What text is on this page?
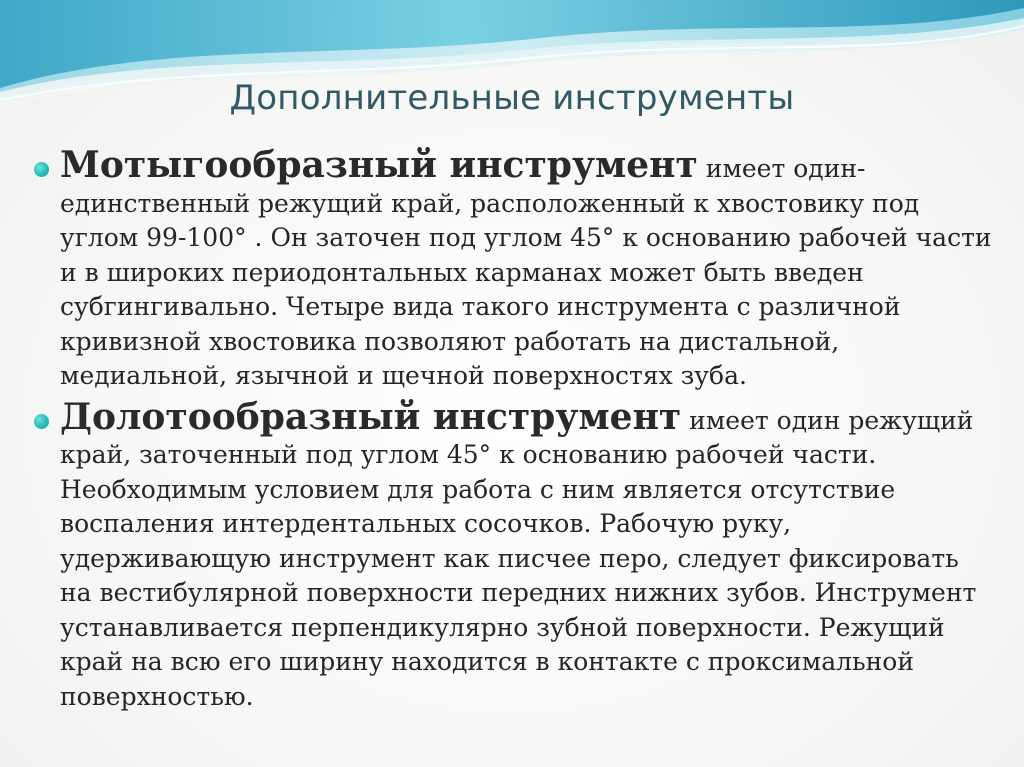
Дополнительные инструменты

Мотыгообразный инструмент имеет один-единственный режущий край, расположенный к хвостовику под углом 99-100° . Он заточен под углом 45° к основанию рабочей части и в широких периодонтальных карманах может быть введен субгингивально. Четыре вида такого инструмента с различной кривизной хвостовика позволяют работать на дистальной, медиальной, язычной и щечной поверхностях зуба.

Долотообразный инструмент имеет один режущий край, заточенный под углом 45° к основанию рабочей части. Необходимым условием для работа с ним является отсутствие воспаления интердентальных сосочков. Рабочую руку, удерживающую инструмент как писчее перо, следует фиксировать на вестибулярной поверхности передних нижних зубов. Инструмент устанавливается перпендикулярно зубной поверхности. Режущий край на всю его ширину находится в контакте с проксимальной поверхностью.
